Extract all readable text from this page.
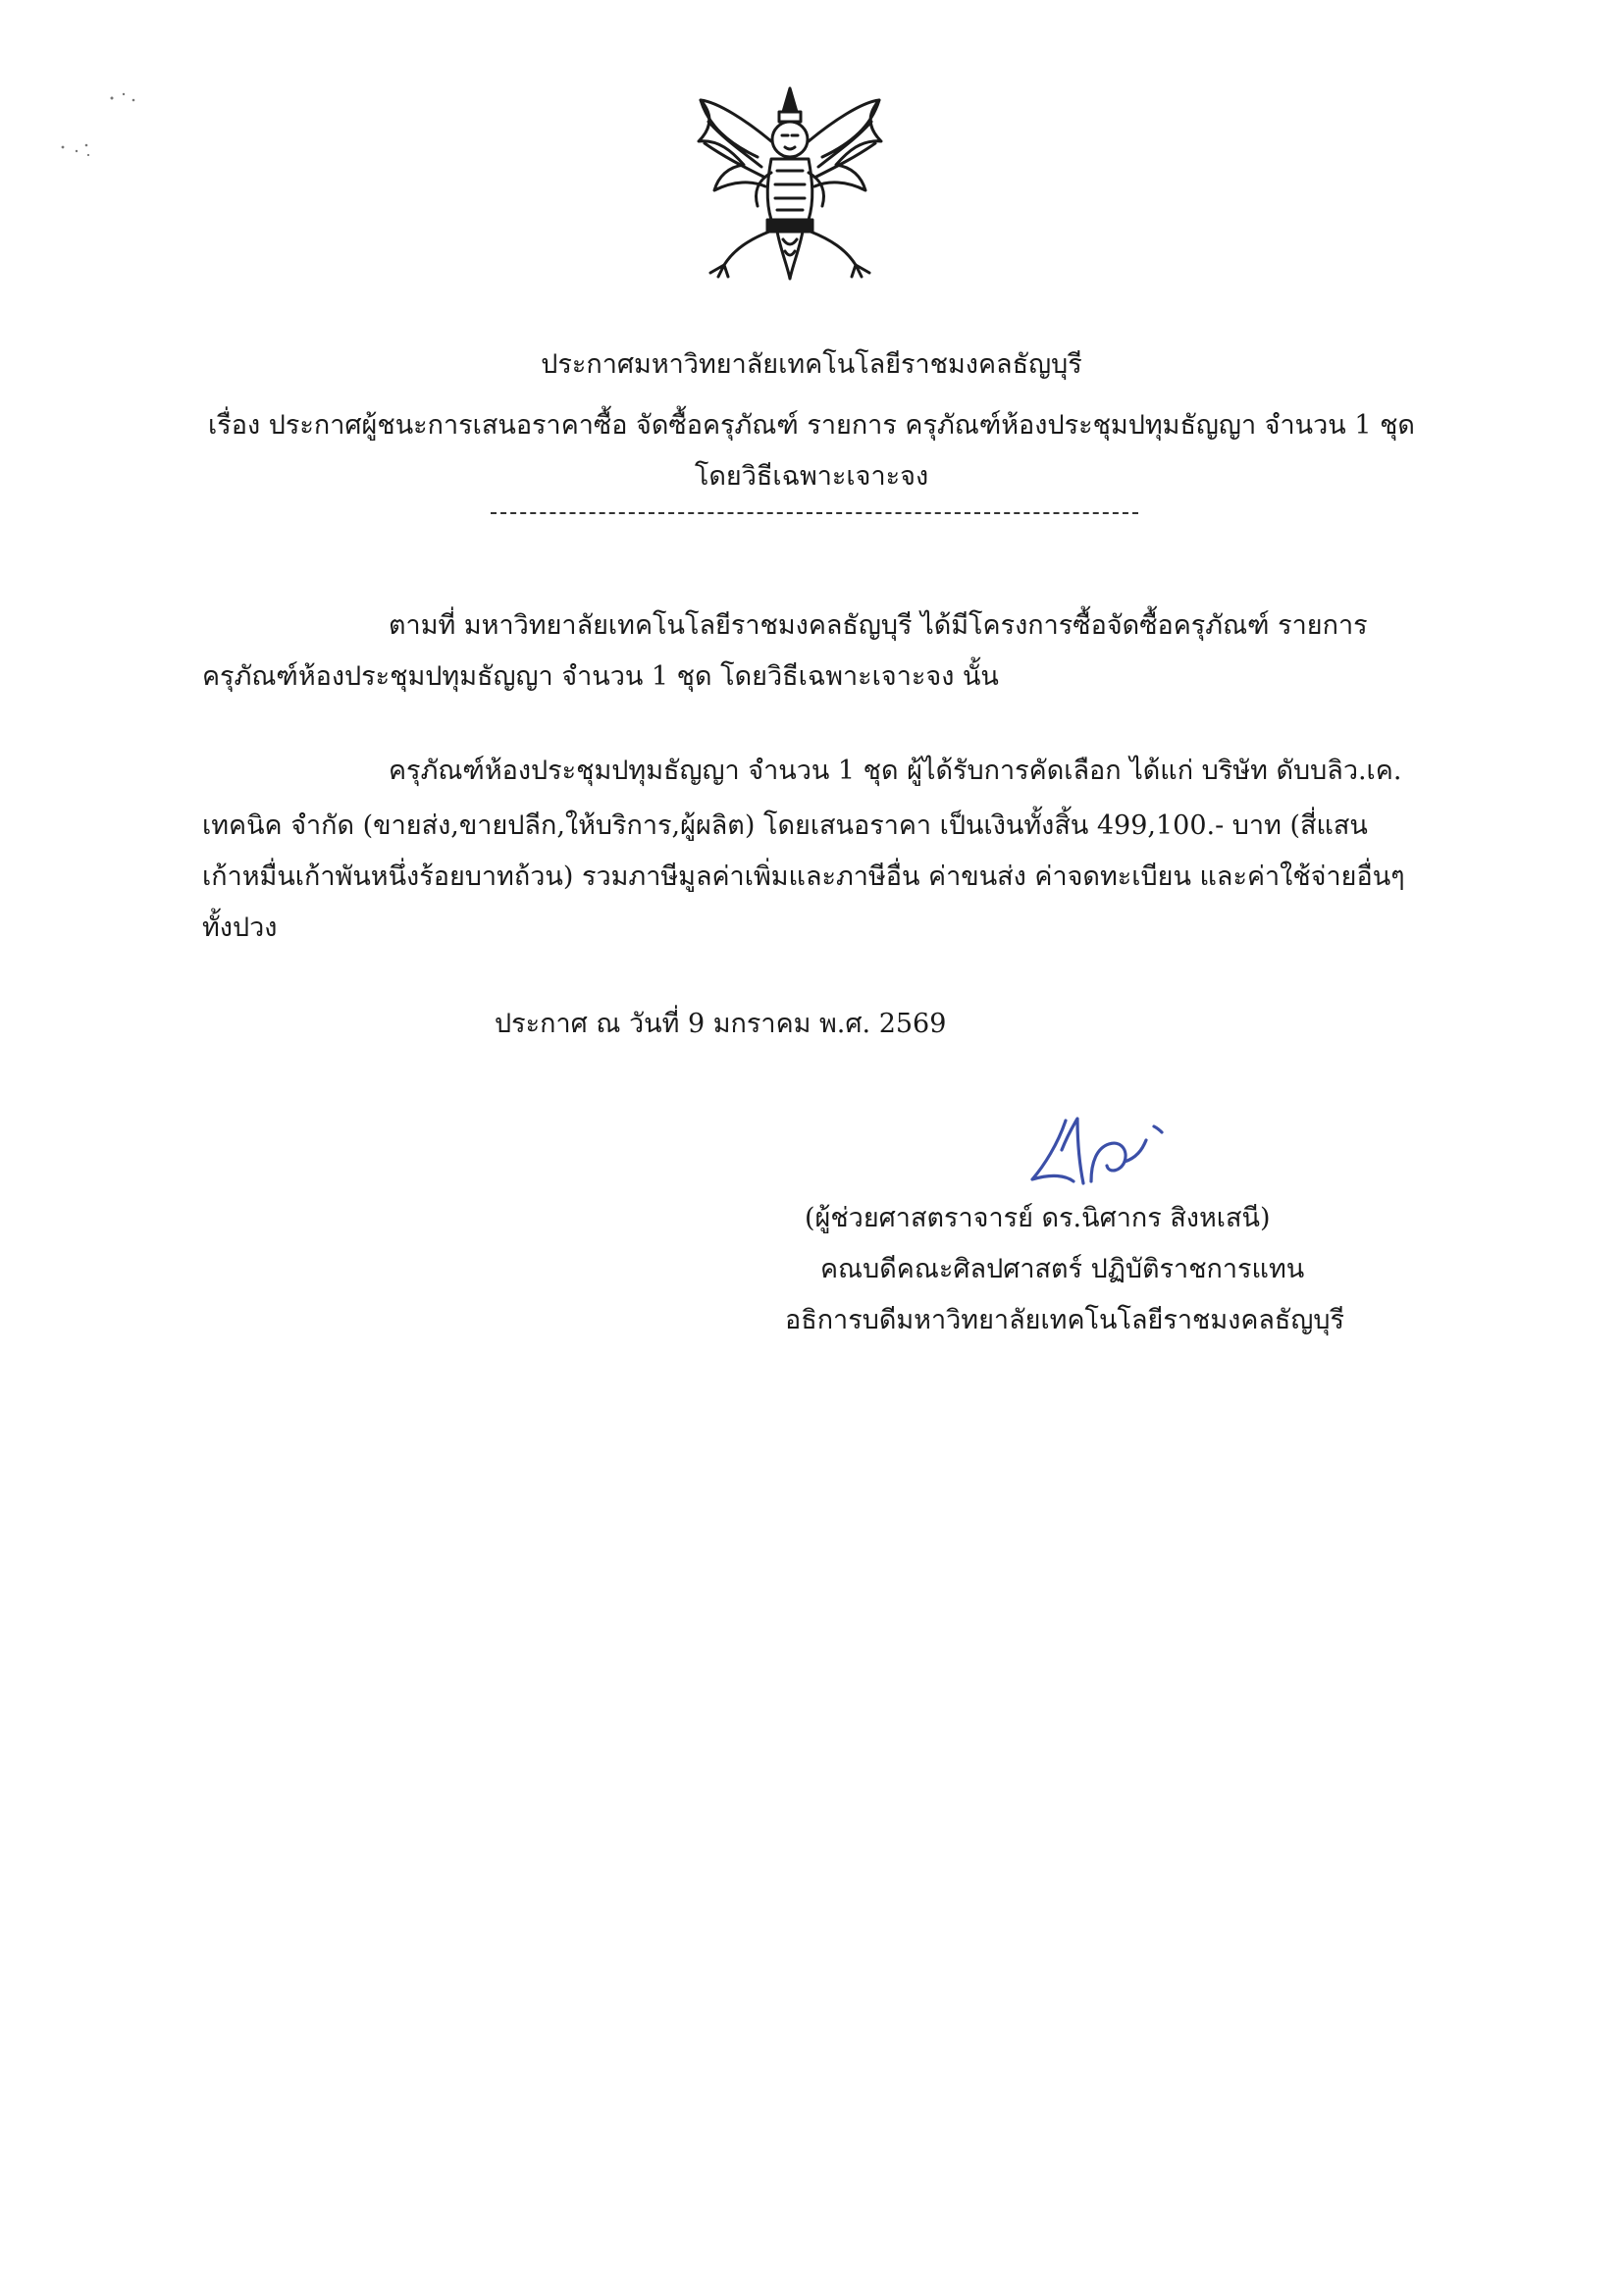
ประกาศมหาวิทยาลัยเทคโนโลยีราชมงคลธัญบุรี
เรื่อง ประกาศผู้ชนะการเสนอราคาซื้อ จัดซื้อครุภัณฑ์ รายการ ครุภัณฑ์ห้องประชุมปทุมธัญญา จำนวน 1 ชุด
โดยวิธีเฉพาะเจาะจง
ตามที่ มหาวิทยาลัยเทคโนโลยีราชมงคลธัญบุรี ได้มีโครงการซื้อจัดซื้อครุภัณฑ์ รายการ
ครุภัณฑ์ห้องประชุมปทุมธัญญา จำนวน 1 ชุด โดยวิธีเฉพาะเจาะจง นั้น
ครุภัณฑ์ห้องประชุมปทุมธัญญา จำนวน 1 ชุด ผู้ได้รับการคัดเลือก ได้แก่ บริษัท ดับบลิว.เค.
เทคนิค จำกัด (ขายส่ง,ขายปลีก,ให้บริการ,ผู้ผลิต) โดยเสนอราคา เป็นเงินทั้งสิ้น 499,100.- บาท (สี่แสน
เก้าหมื่นเก้าพันหนึ่งร้อยบาทถ้วน) รวมภาษีมูลค่าเพิ่มและภาษีอื่น ค่าขนส่ง ค่าจดทะเบียน และค่าใช้จ่ายอื่นๆ
ทั้งปวง
ประกาศ ณ วันที่ 9 มกราคม พ.ศ. 2569
(ผู้ช่วยศาสตราจารย์ ดร.นิศากร สิงหเสนี)
คณบดีคณะศิลปศาสตร์ ปฏิบัติราชการแทน
อธิการบดีมหาวิทยาลัยเทคโนโลยีราชมงคลธัญบุรี
